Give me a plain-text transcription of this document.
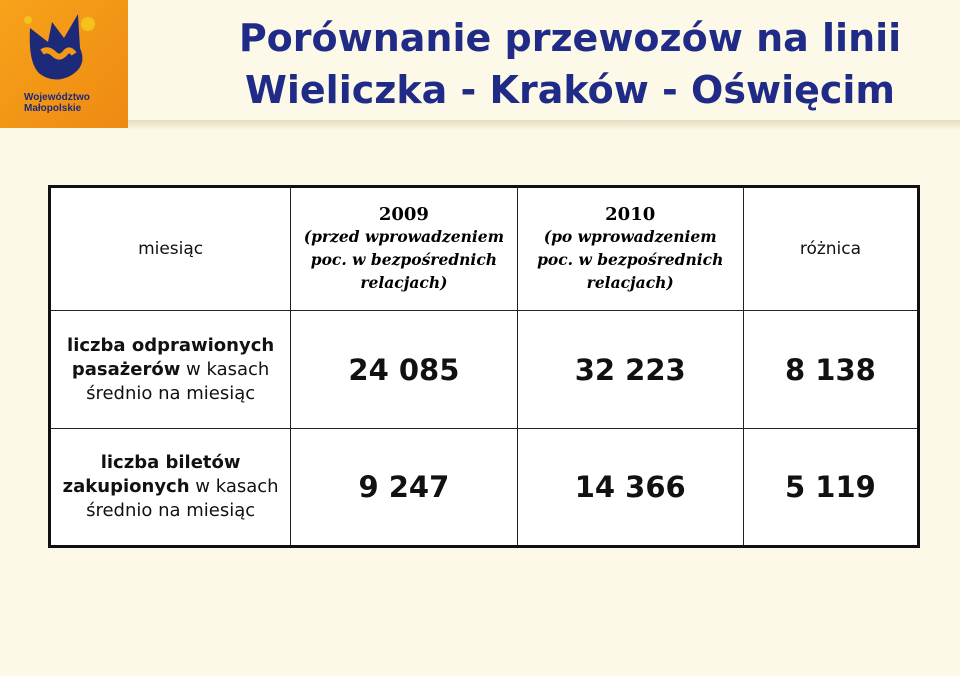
Województwo
Małopolskie
Porównanie przewozów na linii
Wieliczka - Kraków - Oświęcim
miesiąc	2009
(przed wprowadzeniem
poc. w bezpośrednich
relacjach)	2010
(po wprowadzeniem
poc. w bezpośrednich
relacjach)	różnica
liczba odprawionych
pasażerów w kasach
średnio na miesiąc	24 085	32 223	8 138
liczba biletów
zakupionych w kasach
średnio na miesiąc	9 247	14 366	5 119
